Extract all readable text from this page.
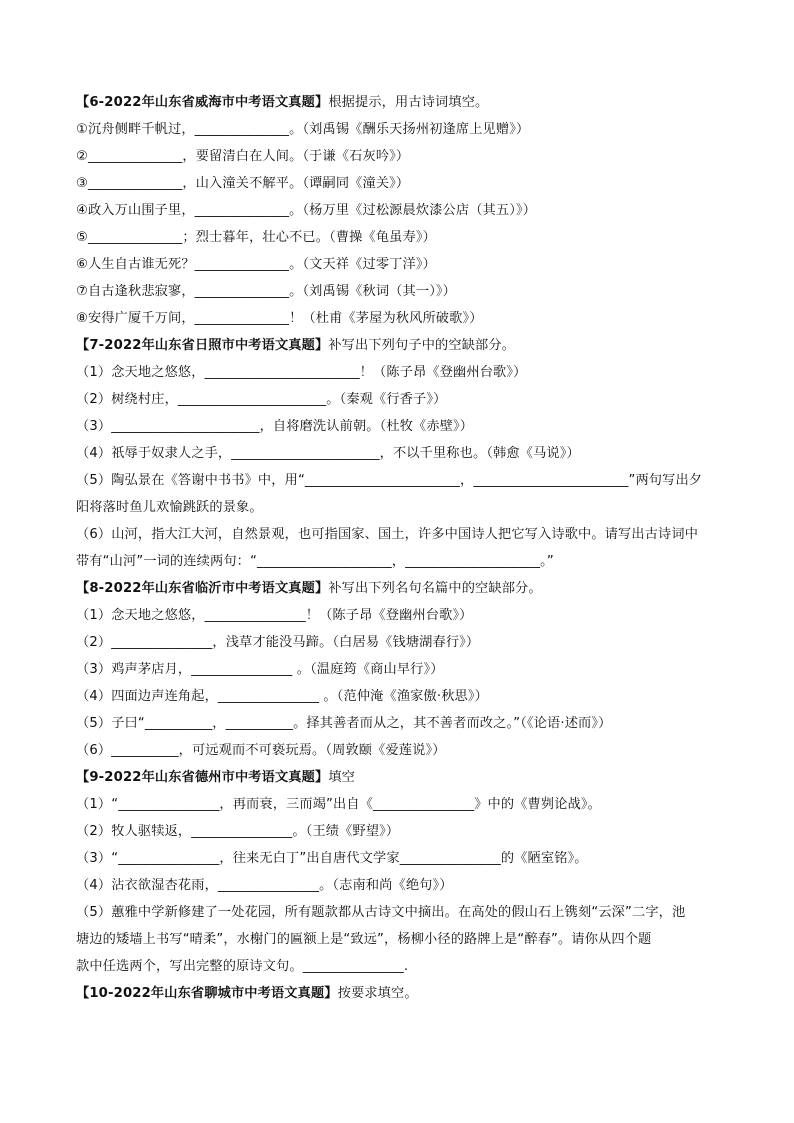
【6-2022年山东省威海市中考语文真题】根据提示，用古诗词填空。
①沉舟侧畔千帆过，______________。（刘禹锡《酬乐天扬州初逢席上见赠》）
②______________，要留清白在人间。（于谦《石灰吟》）
③______________，山入潼关不解平。（谭嗣同《潼关》）
④政入万山围子里，______________。（杨万里《过松源晨炊漆公店（其五）》）
⑤______________；烈士暮年，壮心不已。（曹操《龟虽寿》）
⑥人生自古谁无死？______________。（文天祥《过零丁洋》）
⑦自古逢秋悲寂寥，______________。（刘禹锡《秋词（其一）》）
⑧安得广厦千万间，______________！（杜甫《茅屋为秋风所破歌》）
【7-2022年山东省日照市中考语文真题】补写出下列句子中的空缺部分。
（1）念天地之悠悠，_______________________！（陈子昂《登幽州台歌》）
（2）树绕村庄，______________________。（秦观《行香子》）
（3）______________________，自将磨洗认前朝。（杜牧《赤壁》）
（4）祇辱于奴隶人之手，______________________，不以千里称也。（韩愈《马说》）
（5）陶弘景在《答谢中书书》中，用“_______________________，_______________________”两句写出夕
阳将落时鱼儿欢愉跳跃的景象。
（6）山河，指大江大河，自然景观，也可指国家、国土，许多中国诗人把它写入诗歌中。请写出古诗词中
带有“山河”一词的连续两句：“____________________，____________________。”
【8-2022年山东省临沂市中考语文真题】补写出下列名句名篇中的空缺部分。
（1）念天地之悠悠，_______________！（陈子昂《登幽州台歌》）
（2）_______________，浅草才能没马蹄。（白居易《钱塘湖春行》）
（3）鸡声茅店月，_______________ 。（温庭筠《商山早行》）
（4）四面边声连角起，_______________ 。（范仲淹《渔家傲·秋思》）
（5）子曰“__________，__________。择其善者而从之，其不善者而改之。”（《论语·述而》）
（6）__________，可远观而不可亵玩焉。（周敦颐《爱莲说》）
【9-2022年山东省德州市中考语文真题】填空
（1）“_______________，再而衰，三而竭”出自《_______________》中的《曹刿论战》。
（2）牧人驱犊返，_______________。（王绩《野望》）
（3）“_______________，往来无白丁”出自唐代文学家_______________的《陋室铭》。
（4）沾衣欲湿杏花雨，_______________。（志南和尚《绝句》）
（5）蕙雅中学新修建了一处花园，所有题款都从古诗文中摘出。在高处的假山石上镌刻“云深”二字，池
塘边的矮墙上书写“晴柔”，水榭门的匾额上是“致远”，杨柳小径的路牌上是“醉春”。请你从四个题
款中任选两个，写出完整的原诗文句。_______________.
【10-2022年山东省聊城市中考语文真题】按要求填空。
